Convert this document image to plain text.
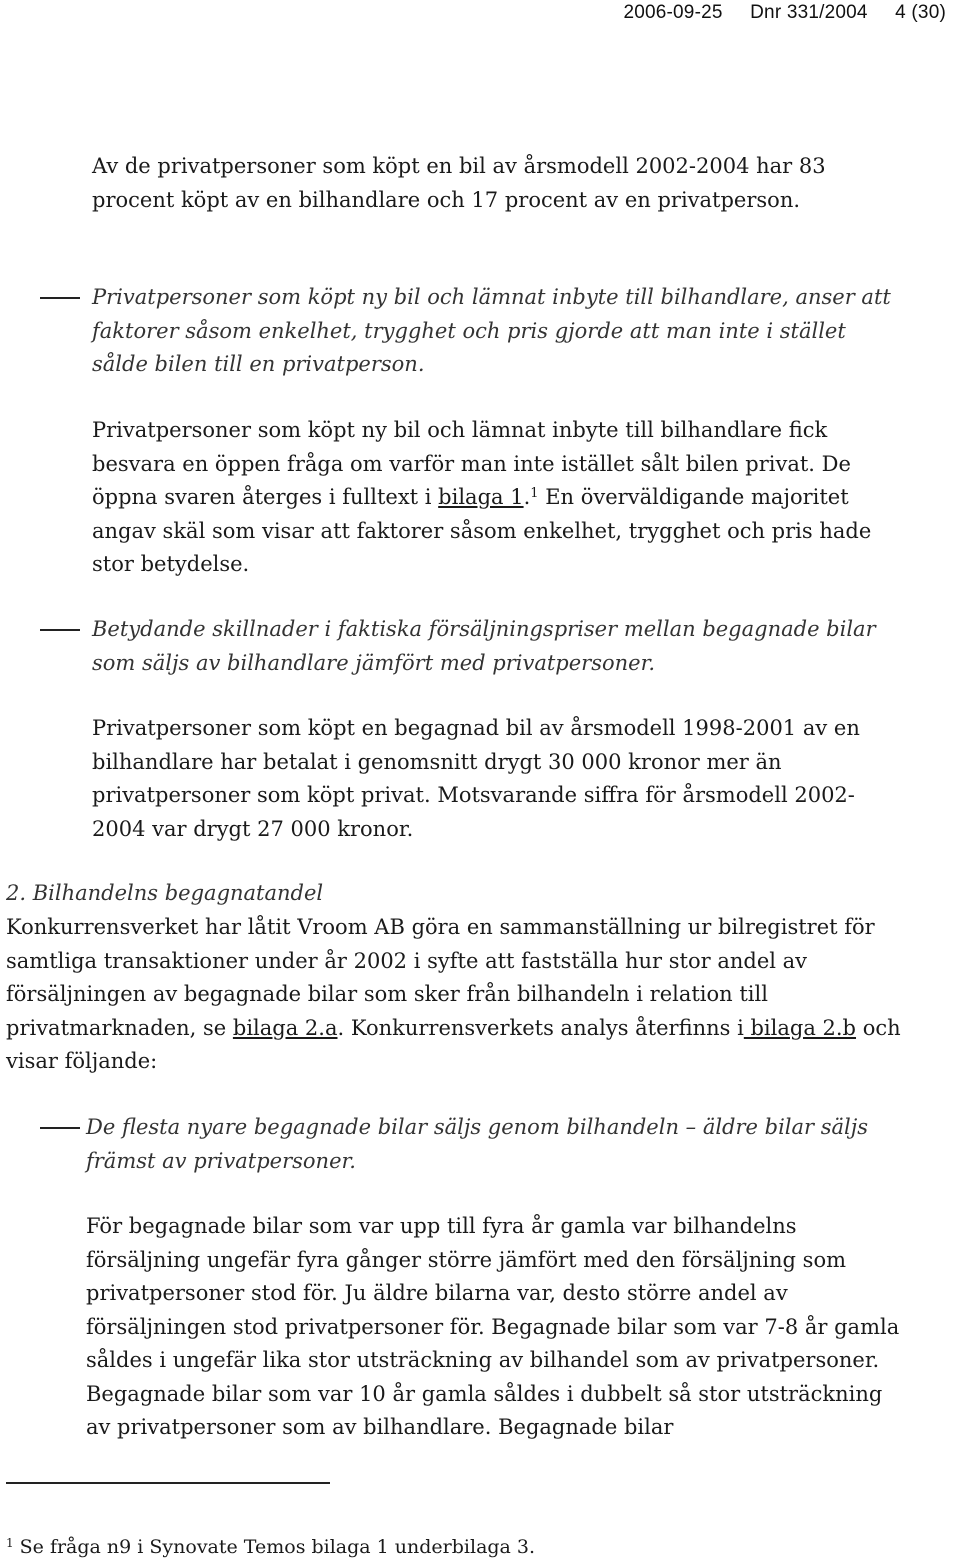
2006-09-25 Dnr 331/2004 4 (30)
Av de privatpersoner som köpt en bil av årsmodell 2002-2004 har 83 procent köpt av en bilhandlare och 17 procent av en privatperson.
Privatpersoner som köpt ny bil och lämnat inbyte till bilhandlare, anser att faktorer såsom enkelhet, trygghet och pris gjorde att man inte i stället sålde bilen till en privatperson.
Privatpersoner som köpt ny bil och lämnat inbyte till bilhandlare fick besvara en öppen fråga om varför man inte istället sålt bilen privat. De öppna svaren återges i fulltext i bilaga 1.$^1$ En överväldigande majoritet angav skäl som visar att faktorer såsom enkelhet, trygghet och pris hade stor betydelse.
Betydande skillnader i faktiska försäljningspriser mellan begagnade bilar som säljs av bilhandlare jämfört med privatpersoner.
Privatpersoner som köpt en begagnad bil av årsmodell 1998-2001 av en bilhandlare har betalat i genomsnitt drygt 30 000 kronor mer än privatpersoner som köpt privat. Motsvarande siffra för årsmodell 2002-2004 var drygt 27 000 kronor.
2. Bilhandelns begagnatandel
Konkurrensverket har låtit Vroom AB göra en sammanställning ur bilregistret för samtliga transaktioner under år 2002 i syfte att fastställa hur stor andel av försäljningen av begagnade bilar som sker från bilhandeln i relation till privatmarknaden, se bilaga 2.a. Konkurrensverkets analys återfinns i bilaga 2.b och visar följande:
De flesta nyare begagnade bilar säljs genom bilhandeln – äldre bilar säljs främst av privatpersoner.
För begagnade bilar som var upp till fyra år gamla var bilhandelns försäljning ungefär fyra gånger större jämfört med den försäljning som privatpersoner stod för. Ju äldre bilarna var, desto större andel av försäljningen stod privatpersoner för. Begagnade bilar som var 7-8 år gamla såldes i ungefär lika stor utsträckning av bilhandel som av privatpersoner. Begagnade bilar som var 10 år gamla såldes i dubbelt så stor utsträckning av privatpersoner som av bilhandlare. Begagnade bilar
$^1$ Se fråga n9 i Synovate Temos bilaga 1 underbilaga 3.
